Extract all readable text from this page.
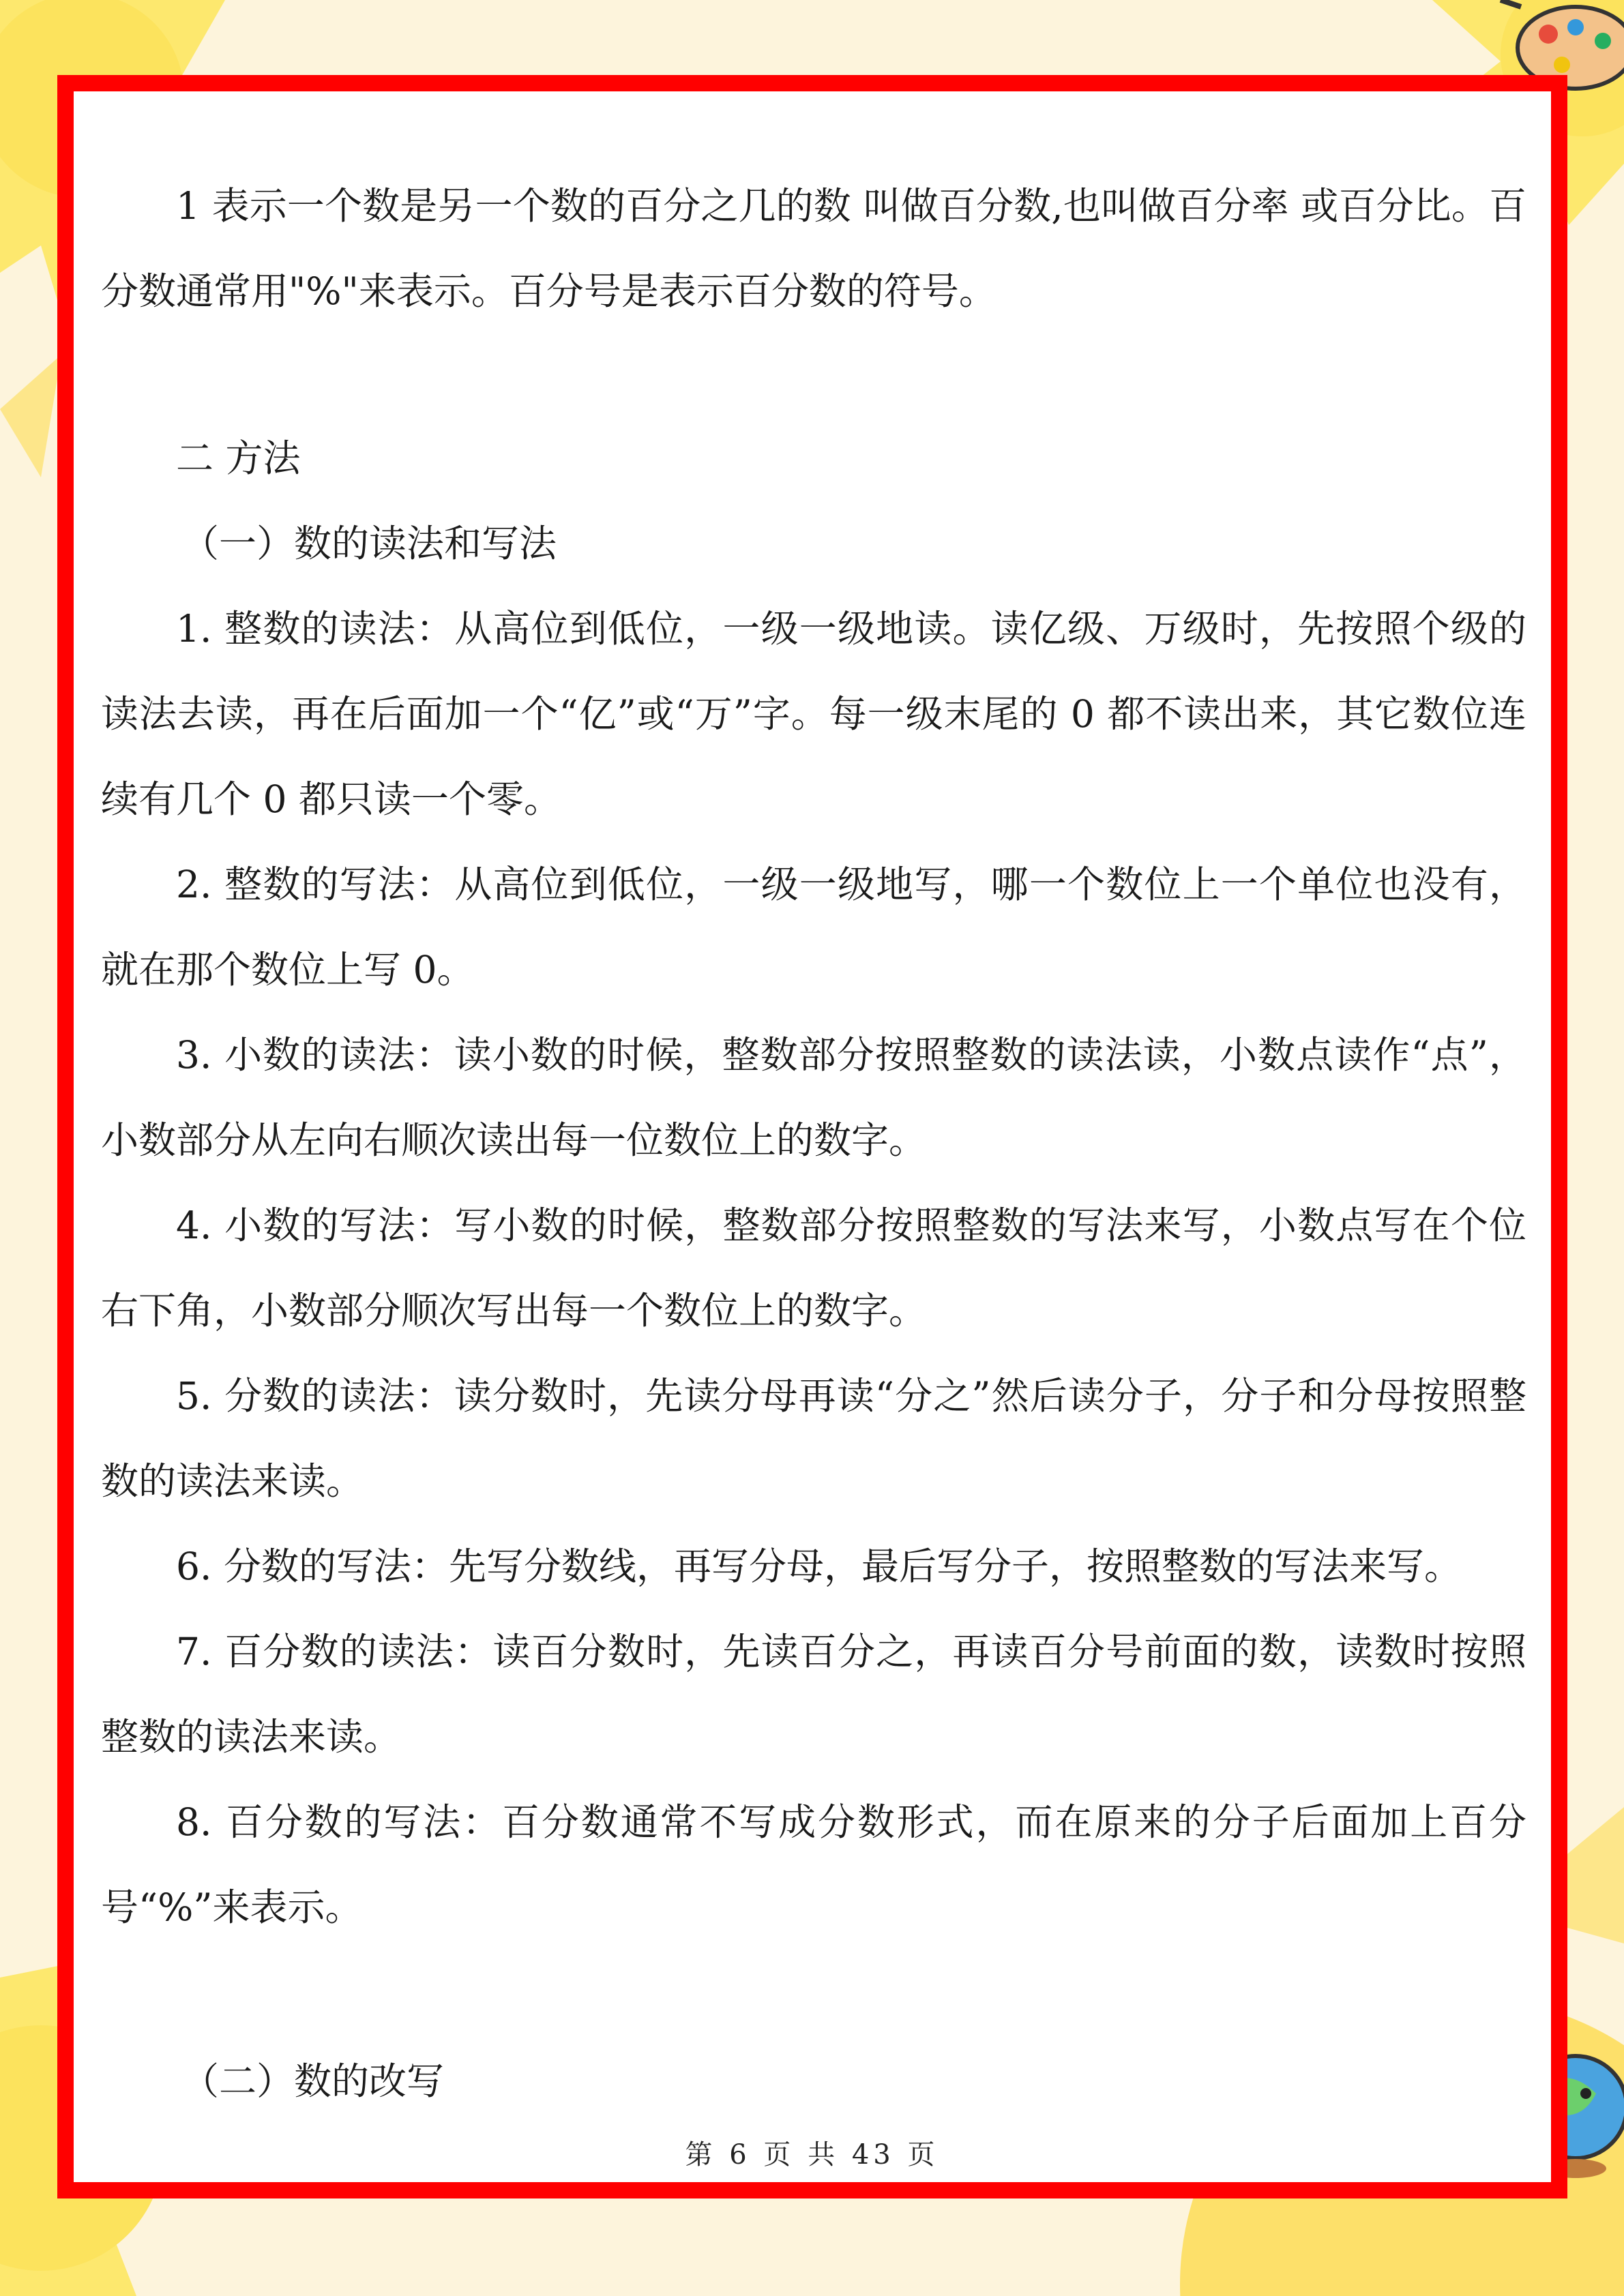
1 表示一个数是另一个数的百分之几的数 叫做百分数,也叫做百分率 或百分比。百分数通常用"%"来表示。百分号是表示百分数的符号。

二 方法

（一）数的读法和写法

1. 整数的读法：从高位到低位，一级一级地读。读亿级、万级时，先按照个级的读法去读，再在后面加一个“亿”或“万”字。每一级末尾的 0 都不读出来，其它数位连续有几个 0 都只读一个零。

2. 整数的写法：从高位到低位，一级一级地写，哪一个数位上一个单位也没有，就在那个数位上写 0。

3. 小数的读法：读小数的时候，整数部分按照整数的读法读，小数点读作“点”，小数部分从左向右顺次读出每一位数位上的数字。

4. 小数的写法：写小数的时候，整数部分按照整数的写法来写，小数点写在个位右下角，小数部分顺次写出每一个数位上的数字。

5. 分数的读法：读分数时，先读分母再读“分之”然后读分子，分子和分母按照整数的读法来读。

6. 分数的写法：先写分数线，再写分母，最后写分子，按照整数的写法来写。

7. 百分数的读法：读百分数时，先读百分之，再读百分号前面的数，读数时按照整数的读法来读。

8. 百分数的写法：百分数通常不写成分数形式，而在原来的分子后面加上百分号“%”来表示。

（二）数的改写

第 6 页 共 43 页
